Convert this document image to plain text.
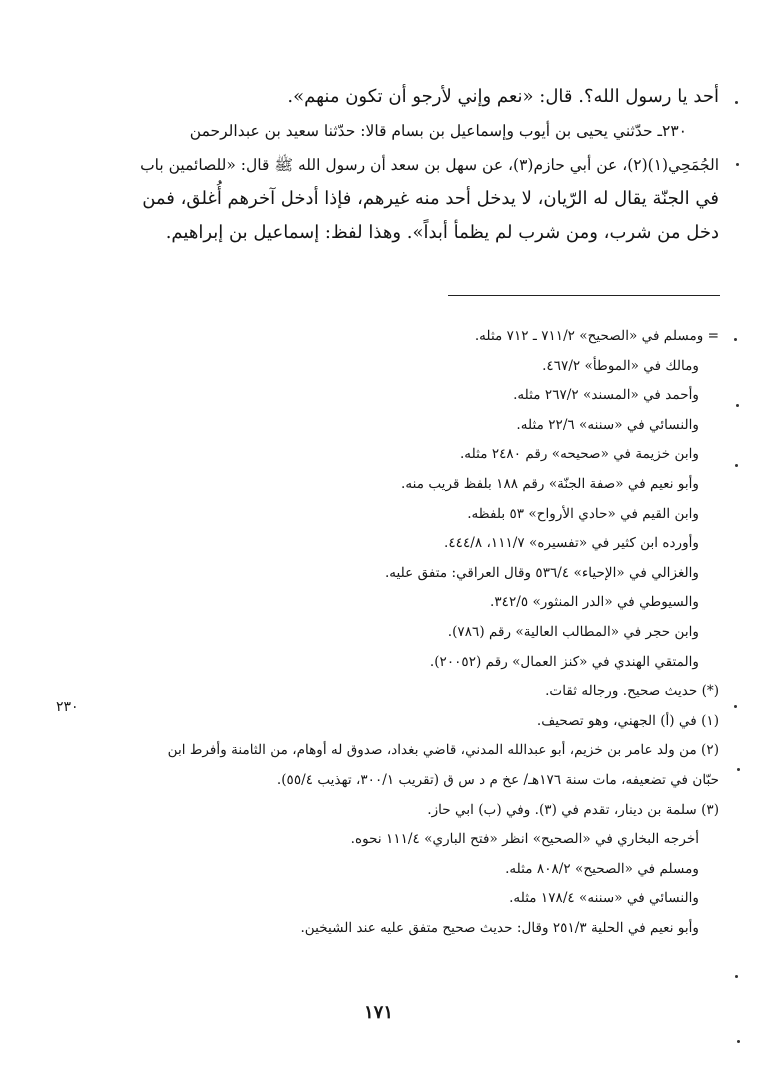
أحد يا رسول الله؟. قال: «نعم وإني لأرجو أن تكون منهم».
٢٣٠ـ حدّثني يحيى بن أيوب وإسماعيل بن بسام قالا: حدّثنا سعيد بن عبدالرحمن
الجُمَحِي(١)(٢)، عن أبي حازم(٣)، عن سهل بن سعد أن رسول الله ﷺ قال: «للصائمين باب
في الجنّة يقال له الرّيان، لا يدخل أحد منه غيرهم، فإذا أدخل آخرهم أُغلق، فمن
دخل من شرب، ومن شرب لم يظمأ أبداً». وهذا لفظ: إسماعيل بن إبراهيم.
= ومسلم في «الصحيح» ٧١١/٢ ـ ٧١٢ مثله.
ومالك في «الموطأ» ٤٦٧/٢.
وأحمد في «المسند» ٢٦٧/٢ مثله.
والنسائي في «سننه» ٢٢/٦ مثله.
وابن خزيمة في «صحيحه» رقم ٢٤٨٠ مثله.
وأبو نعيم في «صفة الجنّة» رقم ١٨٨ بلفظ قريب منه.
وابن القيم في «حادي الأرواح» ٥٣ بلفظه.
وأورده ابن كثير في «تفسيره» ١١١/٧، ٤٤٤/٨.
والغزالي في «الإحياء» ٥٣٦/٤ وقال العراقي: متفق عليه.
والسيوطي في «الدر المنثور» ٣٤٢/٥.
وابن حجر في «المطالب العالية» رقم (٧٨٦).
والمتقي الهندي في «كنز العمال» رقم (٢٠٠٥٢).
(*) حديث صحيح. ورجاله ثقات.
(١) في (أ) الجهني، وهو تصحيف.
(٢) من ولد عامر بن خزيم، أبو عبدالله المدني، قاضي بغداد، صدوق له أوهام، من الثامنة وأفرط ابن
حبّان في تضعيفه، مات سنة ١٧٦هـ/ عخ م د س ق (تقريب ٣٠٠/١، تهذيب ٥٥/٤).
(٣) سلمة بن دينار، تقدم في (٣). وفي (ب) ابي حاز.
أخرجه البخاري في «الصحيح» انظر «فتح الباري» ١١١/٤ نحوه.
ومسلم في «الصحيح» ٨٠٨/٢ مثله.
والنسائي في «سننه» ١٧٨/٤ مثله.
وأبو نعيم في الحلية ٢٥١/٣ وقال: حديث صحيح متفق عليه عند الشيخين.
٢٣٠
١٧١
